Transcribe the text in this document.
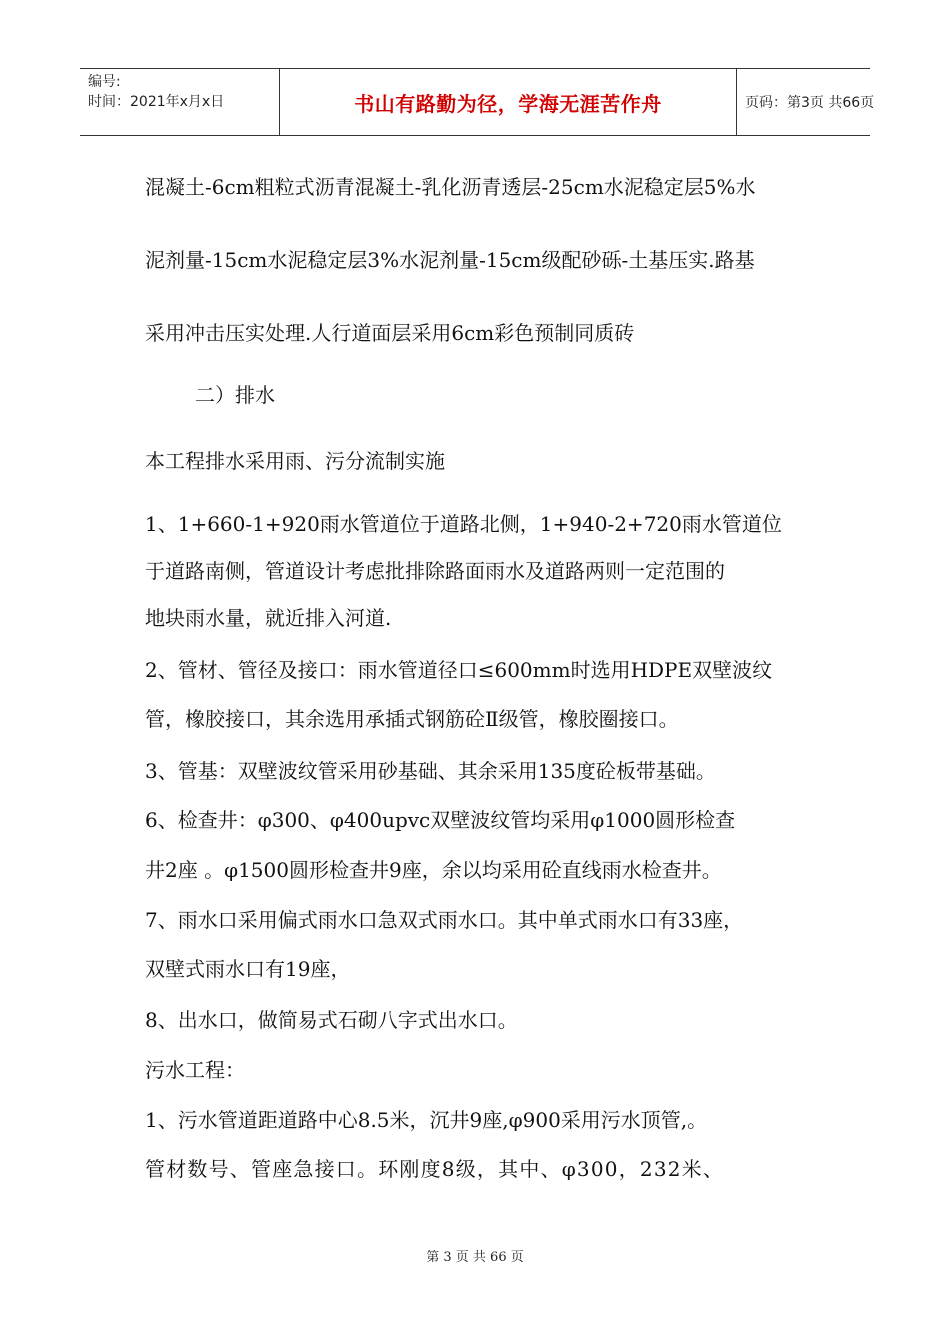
编号:
时间：2021年x月x日	书山有路勤为径，学海无涯苦作舟	页码：第3页 共66页
混凝土-6cm粗粒式沥青混凝土-乳化沥青透层-25cm水泥稳定层5%水
泥剂量-15cm水泥稳定层3%水泥剂量-15cm级配砂砾-土基压实.路基
采用冲击压实处理.人行道面层采用6cm彩色预制同质砖
二）排水
本工程排水采用雨、污分流制实施
1、1+660-1+920雨水管道位于道路北侧，1+940-2+720雨水管道位
于道路南侧，管道设计考虑批排除路面雨水及道路两则一定范围的
地块雨水量，就近排入河道.
2、管材、管径及接口：雨水管道径口≤600mm时选用HDPE双壁波纹
管，橡胶接口，其余选用承插式钢筋砼Ⅱ级管，橡胶圈接口。
3、管基：双壁波纹管采用砂基础、其余采用135度砼板带基础。
6、检查井：φ300、φ400upvc双壁波纹管均采用φ1000圆形检查
井2座 。φ1500圆形检查井9座，余以均采用砼直线雨水检查井。
7、雨水口采用偏式雨水口急双式雨水口。其中单式雨水口有33座，
双壁式雨水口有19座，
8、出水口，做简易式石砌八字式出水口。
污水工程：
1、污水管道距道路中心8.5米，沉井9座,φ900采用污水顶管,。
管材数号、管座急接口。环刚度8级，其中、φ300，232米、
第 3 页 共 66 页
